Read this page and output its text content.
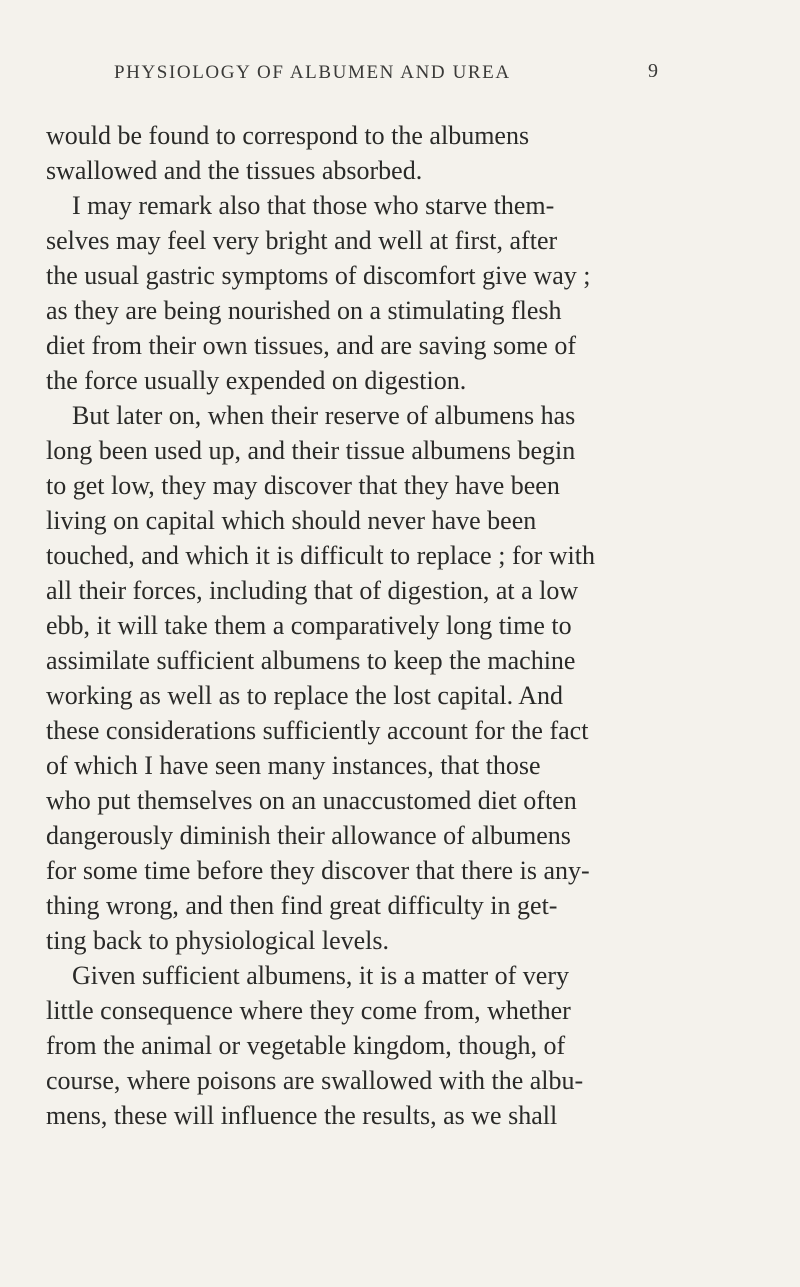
PHYSIOLOGY OF ALBUMEN AND UREA	9
would be found to correspond to the albumens
swallowed and the tissues absorbed.
I may remark also that those who starve them-
selves may feel very bright and well at first, after
the usual gastric symptoms of discomfort give way ;
as they are being nourished on a stimulating flesh
diet from their own tissues, and are saving some of
the force usually expended on digestion.
But later on, when their reserve of albumens has
long been used up, and their tissue albumens begin
to get low, they may discover that they have been
living on capital which should never have been
touched, and which it is difficult to replace ; for with
all their forces, including that of digestion, at a low
ebb, it will take them a comparatively long time to
assimilate sufficient albumens to keep the machine
working as well as to replace the lost capital. And
these considerations sufficiently account for the fact
of which I have seen many instances, that those
who put themselves on an unaccustomed diet often
dangerously diminish their allowance of albumens
for some time before they discover that there is any-
thing wrong, and then find great difficulty in get-
ting back to physiological levels.
Given sufficient albumens, it is a matter of very
little consequence where they come from, whether
from the animal or vegetable kingdom, though, of
course, where poisons are swallowed with the albu-
mens, these will influence the results, as we shall
